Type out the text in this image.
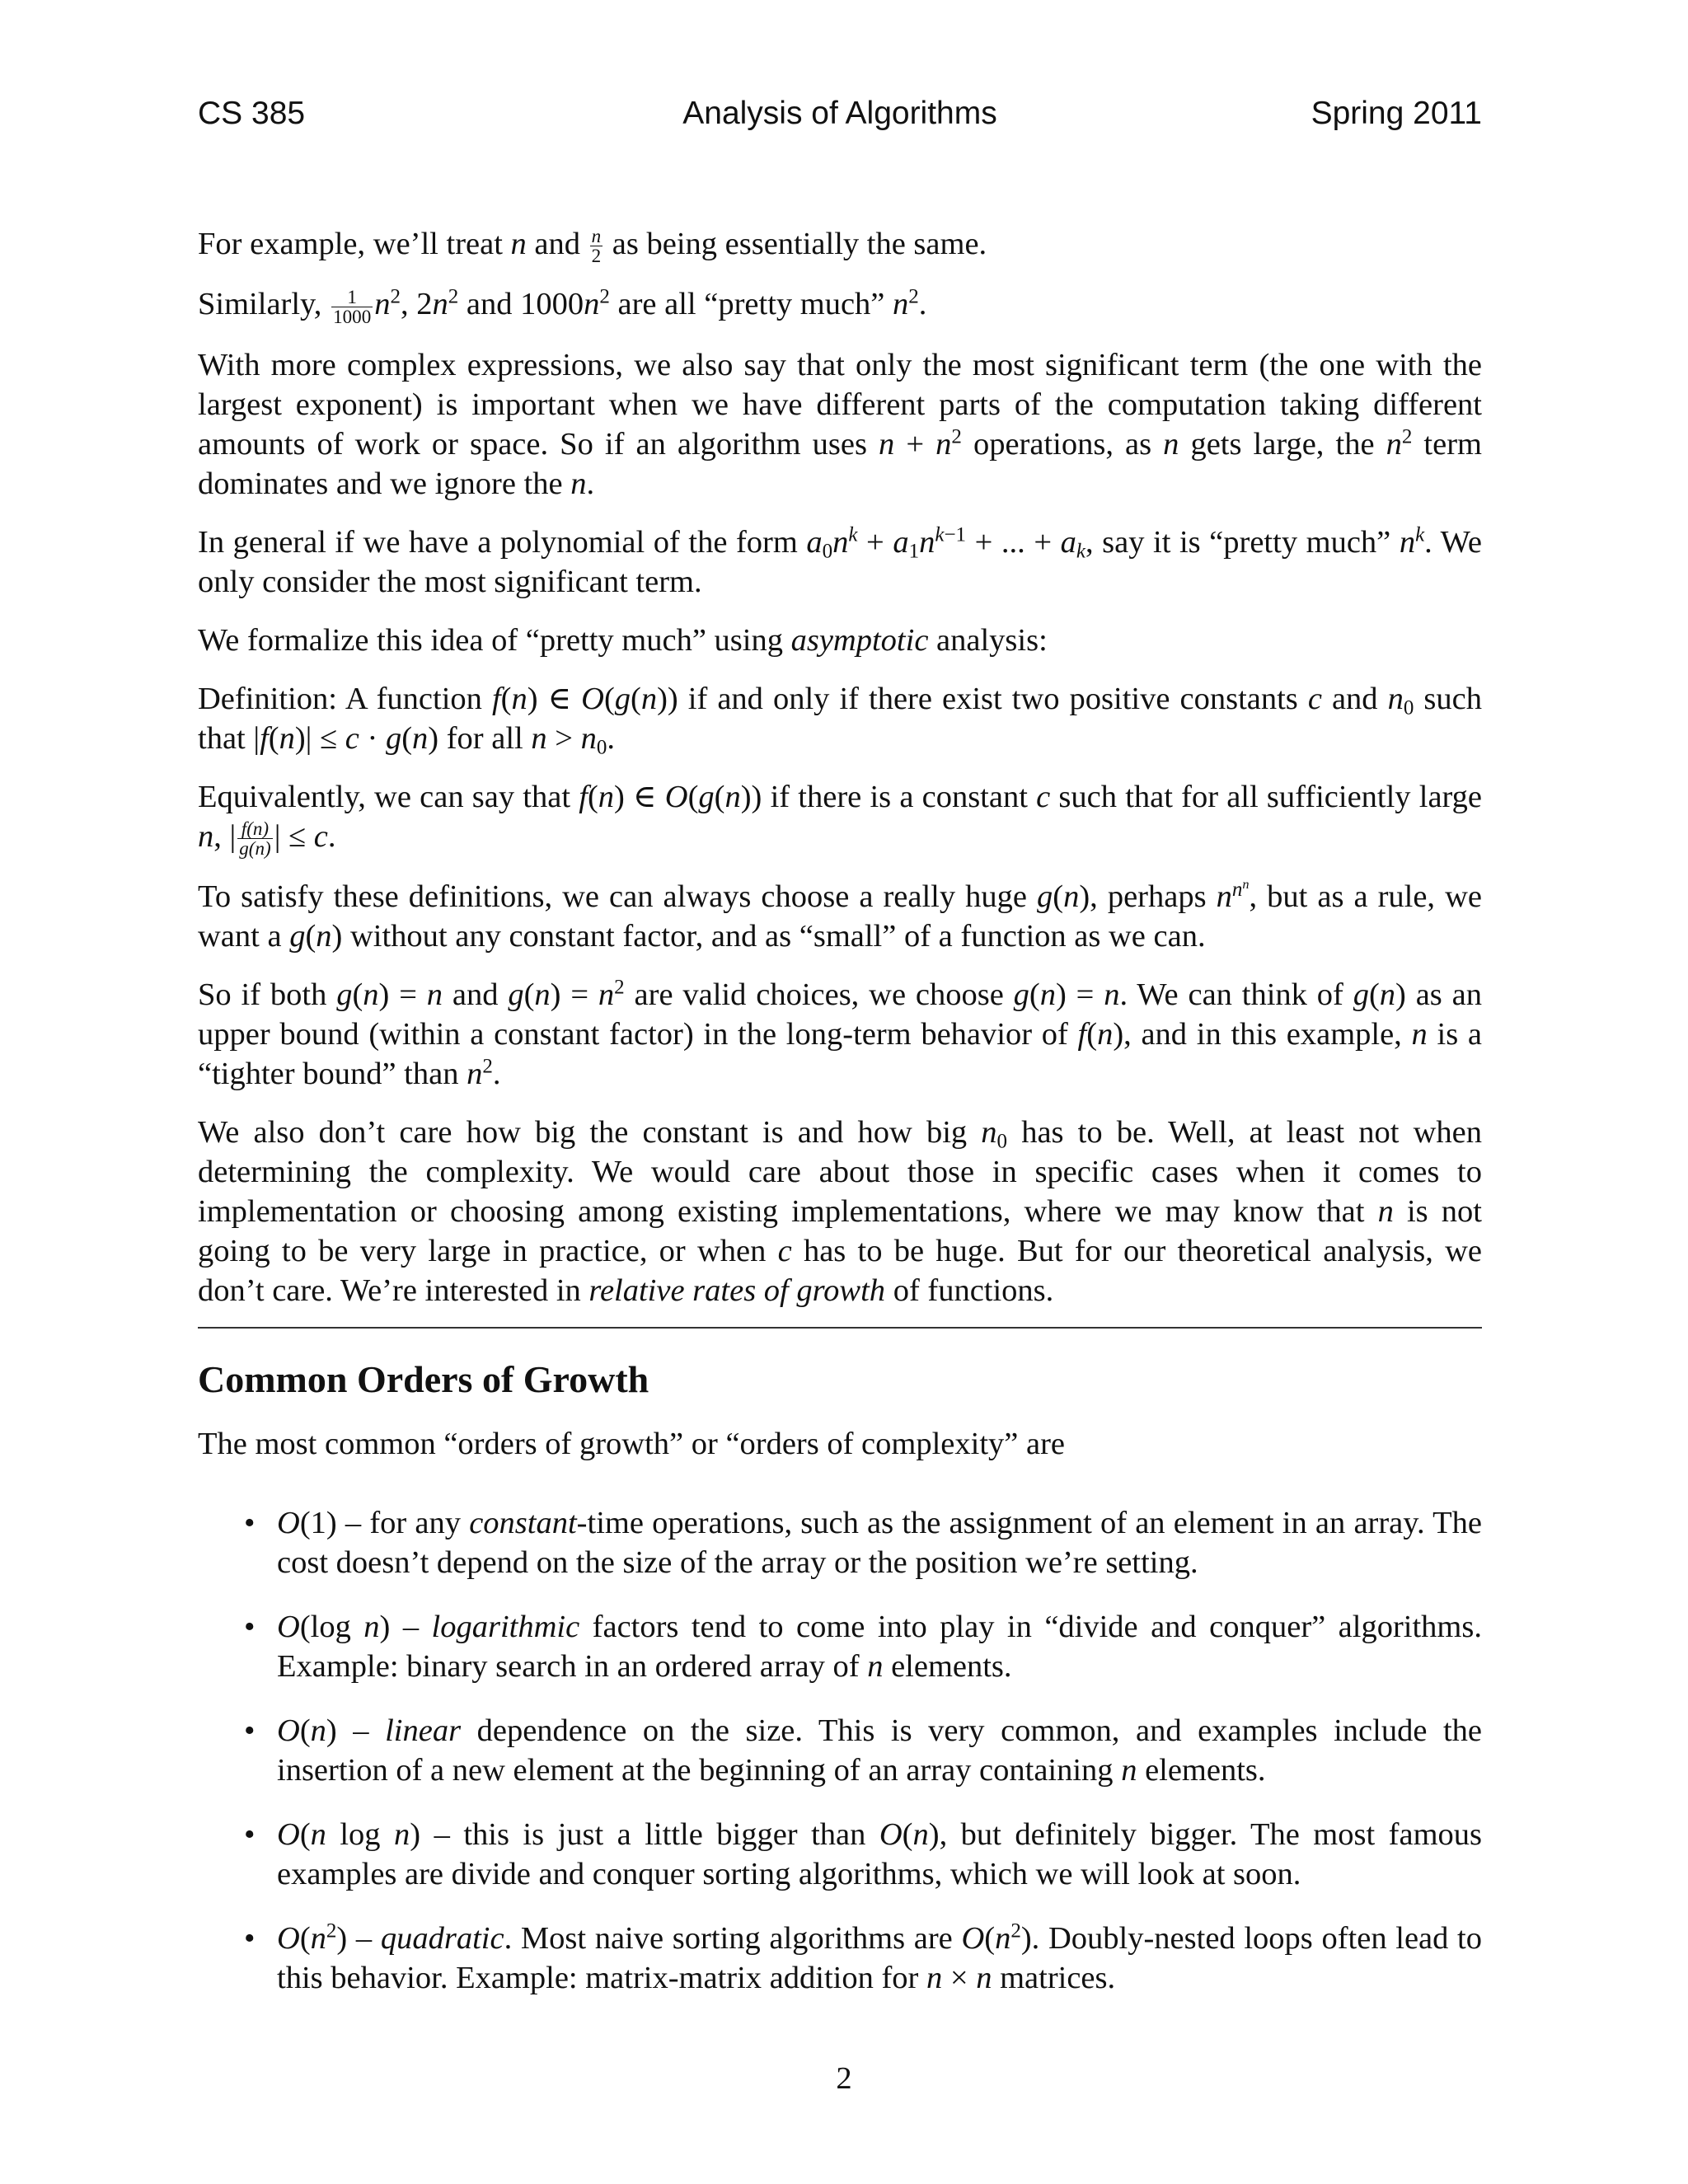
CS 385	Analysis of Algorithms	Spring 2011

For example, we’ll treat n and $\frac{n}{2}$ as being essentially the same.

Similarly, $\frac{1}{1000} n^2$, $2n^2$ and $1000n^2$ are all “pretty much” $n^2$.

With more complex expressions, we also say that only the most significant term (the one with the largest exponent) is important when we have different parts of the computation taking different amounts of work or space. So if an algorithm uses $n + n^2$ operations, as n gets large, the $n^2$ term dominates and we ignore the n.

In general if we have a polynomial of the form $a_0n^k + a_1n^{k-1}$ + ... + $a_k$, say it is “pretty much” $n^k$. We only consider the most significant term.

We formalize this idea of “pretty much” using asymptotic analysis:

Definition: A function f(n) ∈ O(g(n)) if and only if there exist two positive constants c and $n_0$ such that |f(n)| ≤ c · g(n) for all $n > n_0$.

Equivalently, we can say that f(n) ∈ O(g(n)) if there is a constant c such that for all sufficiently large n, | $\frac{f(n)}{g(n)}$ | ≤ c.

To satisfy these definitions, we can always choose a really huge g(n), perhaps $n^{n^n}$, but as a rule, we want a g(n) without any constant factor, and as “small” of a function as we can.

So if both g(n) = n and $g(n) = n^2$ are valid choices, we choose g(n) = n. We can think of g(n) as an upper bound (within a constant factor) in the long-term behavior of f(n), and in this example, n is a “tighter bound” than $n^2$.

We also don’t care how big the constant is and how big $n_0$ has to be. Well, at least not when determining the complexity. We would care about those in specific cases when it comes to implementation or choosing among existing implementations, where we may know that n is not going to be very large in practice, or when c has to be huge. But for our theoretical analysis, we don’t care. We’re interested in relative rates of growth of functions.

Common Orders of Growth

The most common “orders of growth” or “orders of complexity” are

• O(1) – for any constant-time operations, such as the assignment of an element in an array. The cost doesn’t depend on the size of the array or the position we’re setting.
• O(log n) – logarithmic factors tend to come into play in “divide and conquer” algorithms. Example: binary search in an ordered array of n elements.
• O(n) – linear dependence on the size. This is very common, and examples include the insertion of a new element at the beginning of an array containing n elements.
• O(n log n) – this is just a little bigger than O(n), but definitely bigger. The most famous examples are divide and conquer sorting algorithms, which we will look at soon.
• $O(n^2)$ – quadratic. Most naive sorting algorithms are $O(n^2)$. Doubly-nested loops often lead to this behavior. Example: matrix-matrix addition for n × n matrices.
2
